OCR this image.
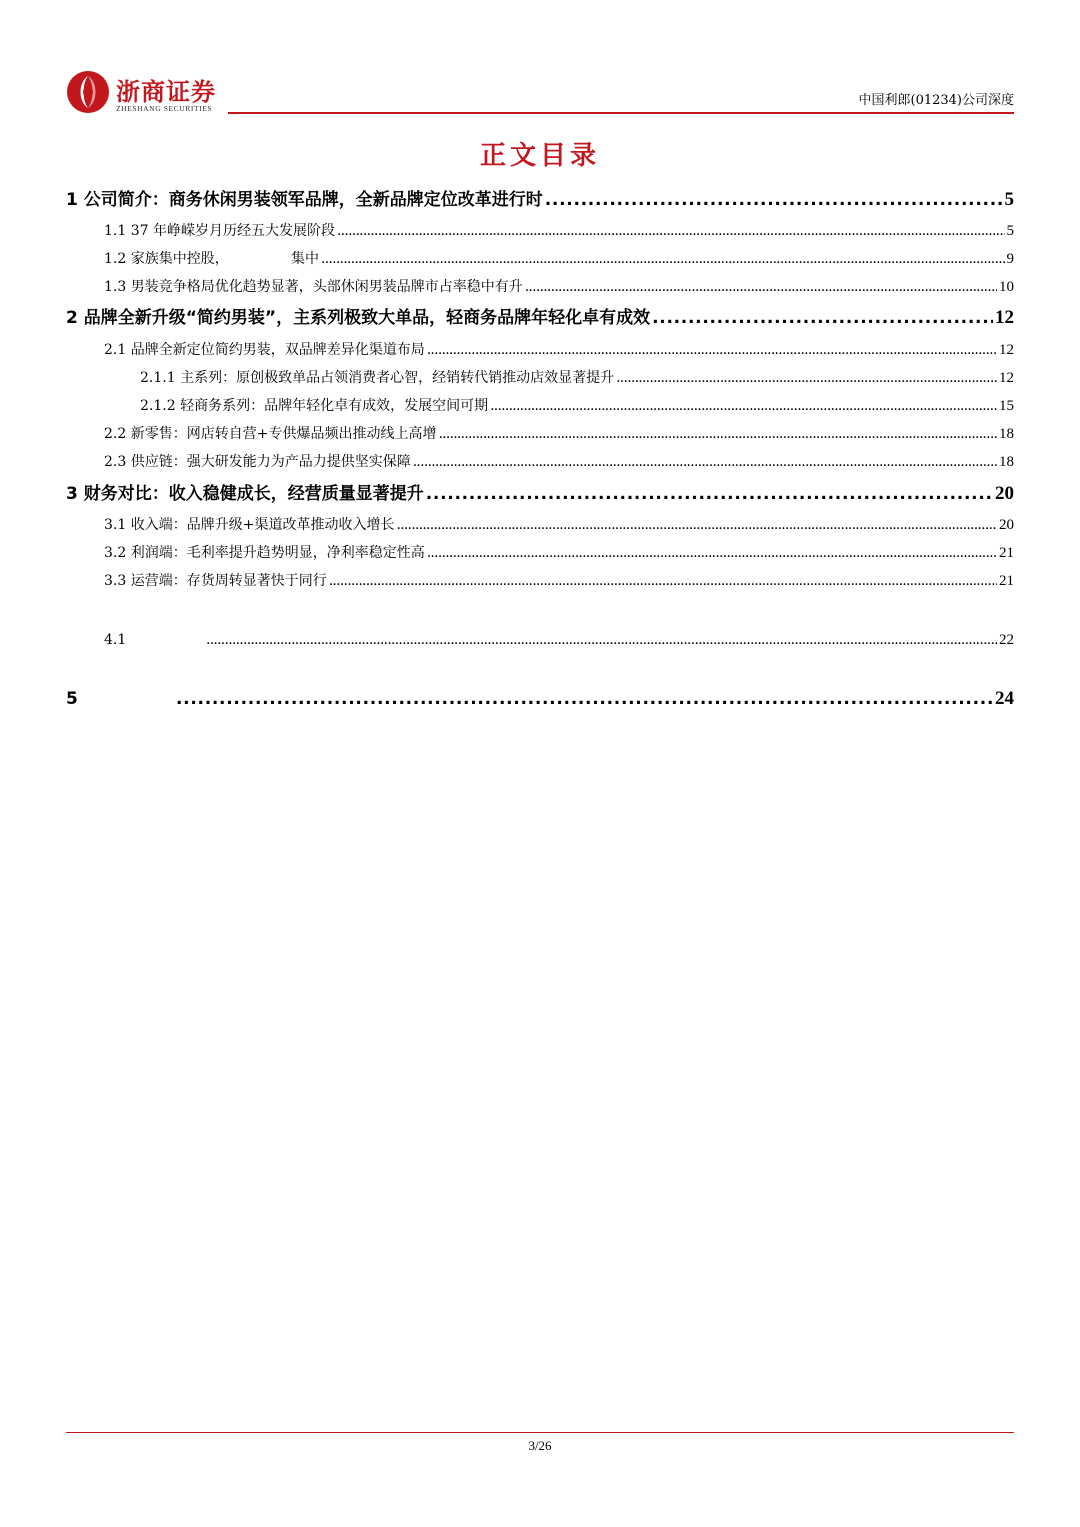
浙商证券
ZHESHANG SECURITIES
中国利郎(01234)公司深度
正文目录
1 公司简介：商务休闲男装领军品牌，全新品牌定位改革进行时 . . .	5
1.1 37 年峥嵘岁月历经五大发展阶段 . . .	5
1.2 家族集中控股，              集中 . . .	9
1.3 男装竞争格局优化趋势显著，头部休闲男装品牌市占率稳中有升 . . .	10
2 品牌全新升级“简约男装”，主系列极致大单品，轻商务品牌年轻化卓有成效 . . .	12
2.1 品牌全新定位简约男装，双品牌差异化渠道布局 . . .	12
2.1.1 主系列：原创极致单品占领消费者心智，经销转代销推动店效显著提升 . . .	12
2.1.2 轻商务系列：品牌年轻化卓有成效，发展空间可期 . . .	15
2.2 新零售：网店转自营+专供爆品频出推动线上高增 . . .	18
2.3 供应链：强大研发能力为产品力提供坚实保障 . . .	18
3 财务对比：收入稳健成长，经营质量显著提升 . . .	20
3.1 收入端：品牌升级+渠道改革推动收入增长 . . .	20
3.2 利润端：毛利率提升趋势明显，净利率稳定性高 . . .	21
3.3 运营端：存货周转显著快于同行 . . .	21
4.1 . . .	22
5 . . .	24
3/26
